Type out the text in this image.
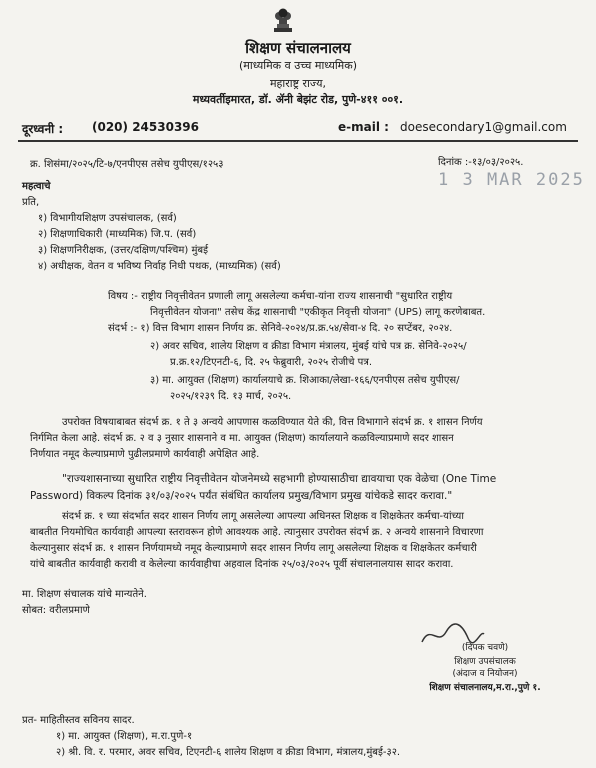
शिक्षण संचालनालय
(माध्यमिक व उच्च माध्यमिक)
महाराष्ट्र राज्य,
मध्यवर्तीइमारत, डॉ. ॲनी बेझंट रोड, पुणे-४११ ००१.
दूरध्वनी : (020) 24530396	e-mail : doesecondary1@gmail.com
क्र. शिसंमा/२०२५/टि-७/एनपीएस तसेच युपीएस/१२५३	दिनांक :-१३/०३/२०२५.
1 3 MAR 2025
महत्वाचे
प्रति,
१) विभागीयशिक्षण उपसंचालक, (सर्व)
२) शिक्षणाधिकारी (माध्यमिक) जि.प. (सर्व)
३) शिक्षणनिरीक्षक, (उत्तर/दक्षिण/पश्चिम) मुंबई
४) अधीक्षक, वेतन व भविष्य निर्वाह निधी पथक, (माध्यमिक) (सर्व)
विषय :- राष्ट्रीय निवृत्तीवेतन प्रणाली लागू असलेल्या कर्मचा-यांना राज्य शासनाची "सुधारित राष्ट्रीय
निवृत्तीवेतन योजना" तसेच केंद्र शासनाची "एकीकृत निवृत्ती योजना" (UPS) लागू करणेबाबत.
संदर्भ :- १) वित्त विभाग शासन निर्णय क्र. सेनिवे-२०२४/प्र.क्र.५४/सेवा-४ दि. २० सप्टेंबर, २०२४.
२) अवर सचिव, शालेय शिक्षण व क्रीडा विभाग मंत्रालय, मुंबई यांचे पत्र क्र. सेनिवे-२०२५/
प्र.क्र.१२/टिएनटी-६, दि. २५ फेब्रुवारी, २०२५ रोजीचे पत्र.
३) मा. आयुक्त (शिक्षण) कार्यालयाचे क्र. शिआका/लेखा-१६६/एनपीएस तसेच युपीएस/
२०२५/१२३९ दि. १३ मार्च, २०२५.
उपरोक्त विषयाबाबत संदर्भ क्र. १ ते ३ अन्वये आपणास कळविण्यात येते की, वित्त विभागाने संदर्भ क्र. १ शासन निर्णय
निर्गमित केला आहे. संदर्भ क्र. २ व ३ नुसार शासनाने व मा. आयुक्त (शिक्षण) कार्यालयाने कळविल्याप्रमाणे सदर शासन
निर्णयात नमूद केल्याप्रमाणे पुढीलप्रमाणे कार्यवाही अपेक्षित आहे.
"राज्यशासनाच्या सुधारित राष्ट्रीय निवृत्तीवेतन योजनेमध्ये सहभागी होण्यासाठीचा द्यावयाचा एक वेळेचा (One Time
Password) विकल्प दिनांक ३१/०३/२०२५ पर्यंत संबंधित कार्यालय प्रमुख/विभाग प्रमुख यांचेकडे सादर करावा."
संदर्भ क्र. १ च्या संदर्भात सदर शासन निर्णय लागू असलेल्या आपल्या अधिनस्त शिक्षक व शिक्षकेतर कर्मचा-यांच्या
बाबतीत नियमोचित कार्यवाही आपल्या स्तरावरून होणे आवश्यक आहे. त्यानुसार उपरोक्त संदर्भ क्र. २ अन्वये शासनाने विचारणा
केल्यानुसार संदर्भ क्र. १ शासन निर्णयामध्ये नमूद केल्याप्रमाणे सदर शासन निर्णय लागू असलेल्या शिक्षक व शिक्षकेतर कर्मचारी
यांचे बाबतीत कार्यवाही करावी व केलेल्या कार्यवाहीचा अहवाल दिनांक २५/०३/२०२५ पूर्वी संचालनालयास सादर करावा.
मा. शिक्षण संचालक यांचे मान्यतेने.
सोबत: वरीलप्रमाणे
(दिपक चवणे)
शिक्षण उपसंचालक
(अंदाज व नियोजन)
शिक्षण संचालनालय,म.रा.,पुणे १.
प्रत- माहितीस्तव सविनय सादर.
१) मा. आयुक्त (शिक्षण), म.रा.पुणे-१
२) श्री. वि. र. परमार, अवर सचिव, टिएनटी-६ शालेय शिक्षण व क्रीडा विभाग, मंत्रालय,मुंबई-३२.
